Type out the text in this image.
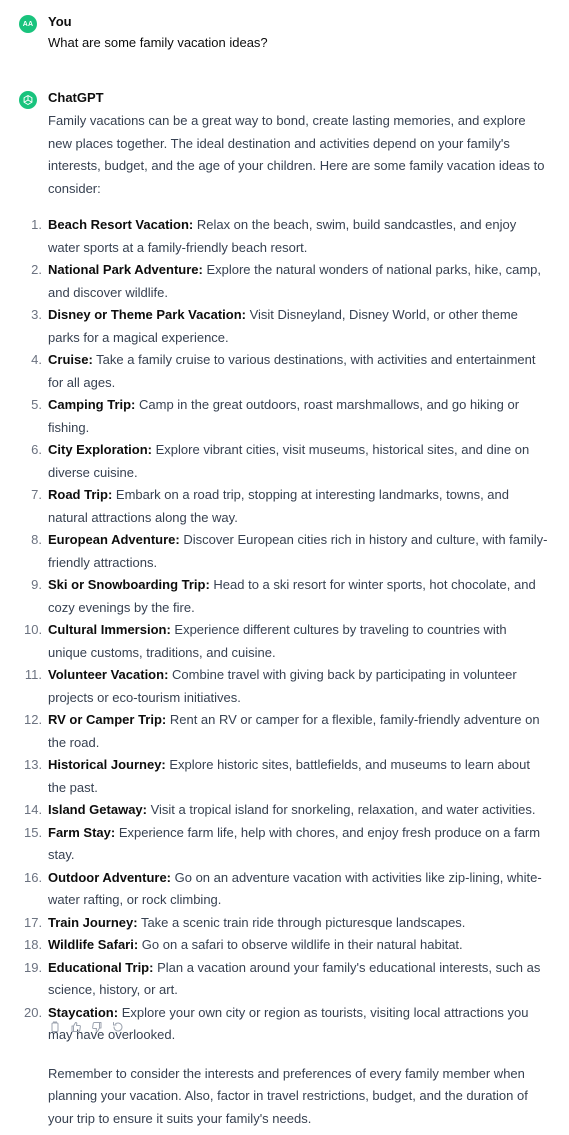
AA You
What are some family vacation ideas?
ChatGPT

Family vacations can be a great way to bond, create lasting memories, and explore new places together. The ideal destination and activities depend on your family's interests, budget, and the age of your children. Here are some family vacation ideas to consider:

1. Beach Resort Vacation: Relax on the beach, swim, build sandcastles, and enjoy water sports at a family-friendly beach resort.
2. National Park Adventure: Explore the natural wonders of national parks, hike, camp, and discover wildlife.
3. Disney or Theme Park Vacation: Visit Disneyland, Disney World, or other theme parks for a magical experience.
4. Cruise: Take a family cruise to various destinations, with activities and entertainment for all ages.
5. Camping Trip: Camp in the great outdoors, roast marshmallows, and go hiking or fishing.
6. City Exploration: Explore vibrant cities, visit museums, historical sites, and dine on diverse cuisine.
7. Road Trip: Embark on a road trip, stopping at interesting landmarks, towns, and natural attractions along the way.
8. European Adventure: Discover European cities rich in history and culture, with family-friendly attractions.
9. Ski or Snowboarding Trip: Head to a ski resort for winter sports, hot chocolate, and cozy evenings by the fire.
10. Cultural Immersion: Experience different cultures by traveling to countries with unique customs, traditions, and cuisine.
11. Volunteer Vacation: Combine travel with giving back by participating in volunteer projects or eco-tourism initiatives.
12. RV or Camper Trip: Rent an RV or camper for a flexible, family-friendly adventure on the road.
13. Historical Journey: Explore historic sites, battlefields, and museums to learn about the past.
14. Island Getaway: Visit a tropical island for snorkeling, relaxation, and water activities.
15. Farm Stay: Experience farm life, help with chores, and enjoy fresh produce on a farm stay.
16. Outdoor Adventure: Go on an adventure vacation with activities like zip-lining, white-water rafting, or rock climbing.
17. Train Journey: Take a scenic train ride through picturesque landscapes.
18. Wildlife Safari: Go on a safari to observe wildlife in their natural habitat.
19. Educational Trip: Plan a vacation around your family's educational interests, such as science, history, or art.
20. Staycation: Explore your own city or region as tourists, visiting local attractions you may have overlooked.

Remember to consider the interests and preferences of every family member when planning your vacation. Also, factor in travel restrictions, budget, and the duration of your trip to ensure it suits your family's needs.
